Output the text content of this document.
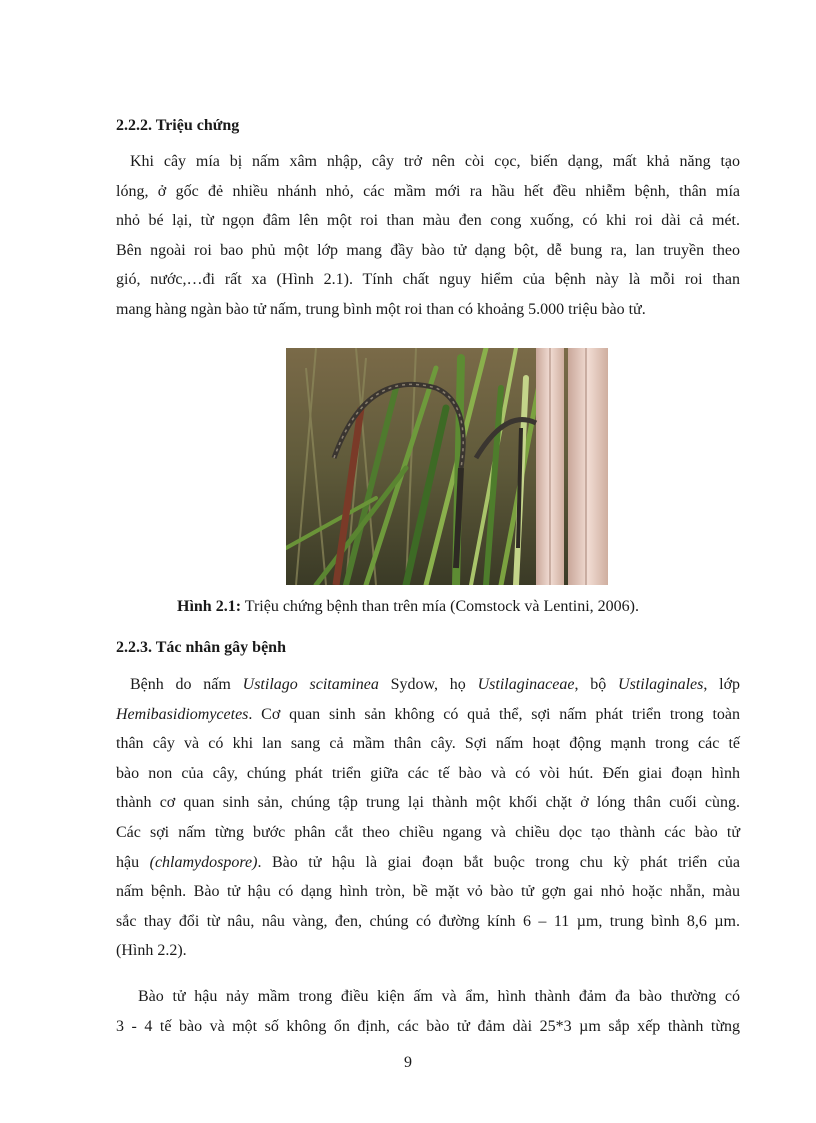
2.2.2. Triệu chứng
Khi cây mía bị nấm xâm nhập, cây trở nên còi cọc, biến dạng, mất khả năng tạo
lóng, ở gốc đẻ nhiều nhánh nhỏ, các mầm mới ra hầu hết đều nhiễm bệnh, thân mía
nhỏ bé lại, từ ngọn đâm lên một roi than màu đen cong xuống, có khi roi dài cả mét.
Bên ngoài roi bao phủ một lớp mang đầy bào tử dạng bột, dễ bung ra, lan truyền theo
gió, nước,…đi rất xa (Hình 2.1). Tính chất nguy hiểm của bệnh này là mỗi roi than
mang hàng ngàn bào tử nấm, trung bình một roi than có khoảng 5.000 triệu bào tử.
Hình 2.1: Triệu chứng bệnh than trên mía (Comstock và Lentini, 2006).
2.2.3. Tác nhân gây bệnh
Bệnh do nấm Ustilago scitaminea Sydow, họ Ustilaginaceae, bộ Ustilaginales, lớp
Hemibasidiomycetes. Cơ quan sinh sản không có quả thể, sợi nấm phát triển trong toàn
thân cây và có khi lan sang cả mầm thân cây. Sợi nấm hoạt động mạnh trong các tế
bào non của cây, chúng phát triển giữa các tế bào và có vòi hút. Đến giai đoạn hình
thành cơ quan sinh sản, chúng tập trung lại thành một khối chặt ở lóng thân cuối cùng.
Các sợi nấm từng bước phân cắt theo chiều ngang và chiều dọc tạo thành các bào tử
hậu (chlamydospore). Bào tử hậu là giai đoạn bắt buộc trong chu kỳ phát triển của
nấm bệnh. Bào tử hậu có dạng hình tròn, bề mặt vỏ bào tử gợn gai nhỏ hoặc nhẵn, màu
sắc thay đổi từ nâu, nâu vàng, đen, chúng có đường kính 6 – 11 µm, trung bình 8,6 µm.
(Hình 2.2).
Bào tử hậu nảy mầm trong điều kiện ấm và ẩm, hình thành đảm đa bào thường có
3 - 4 tế bào và một số không ổn định, các bào tử đảm dài 25*3 µm sắp xếp thành từng
9
